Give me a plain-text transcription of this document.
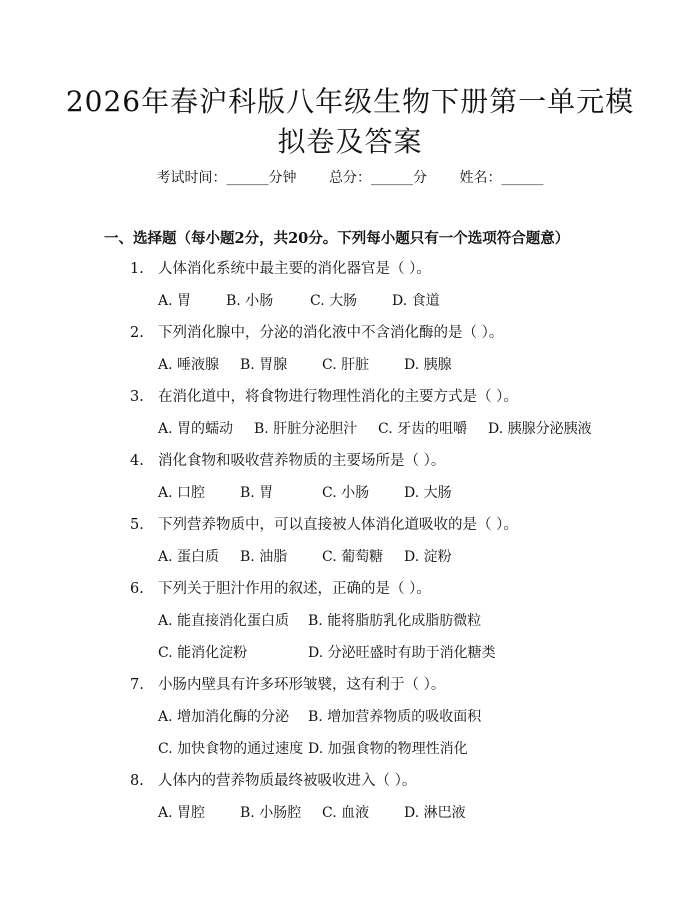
2026年春沪科版八年级生物下册第一单元模拟卷及答案
考试时间：______分钟 总分：______分 姓名：______
一、选择题（每小题2分，共20分。下列每小题只有一个选项符合题意）
1. 人体消化系统中最主要的消化器官是（ ）。
A. 胃 B. 小肠	C. 大肠 D. 食道
2. 下列消化腺中，分泌的消化液中不含消化酶的是（ ）。
A. 唾液腺 B. 胃腺 C. 肝脏 D. 胰腺
3. 在消化道中，将食物进行物理性消化的主要方式是（ ）。
A. 胃的蠕动 B. 肝脏分泌胆汁 C. 牙齿的咀嚼 D. 胰腺分泌胰液
4. 消化食物和吸收营养物质的主要场所是（ ）。
A. 口腔 B. 胃	C. 小肠 D. 大肠
5. 下列营养物质中，可以直接被人体消化道吸收的是（ ）。
A. 蛋白质 B. 油脂 C. 葡萄糖 D. 淀粉
6. 下列关于胆汁作用的叙述，正确的是（ ）。
A. 能直接消化蛋白质 B. 能将脂肪乳化成脂肪微粒
C. 能消化淀粉	D. 分泌旺盛时有助于消化糖类
7. 小肠内壁具有许多环形皱襞，这有利于（ ）。
A. 增加消化酶的分泌 B. 增加营养物质的吸收面积
C. 加快食物的通过速度 D. 加强食物的物理性消化
8. 人体内的营养物质最终被吸收进入（ ）。
A. 胃腔 B. 小肠腔 C. 血液 D. 淋巴液
